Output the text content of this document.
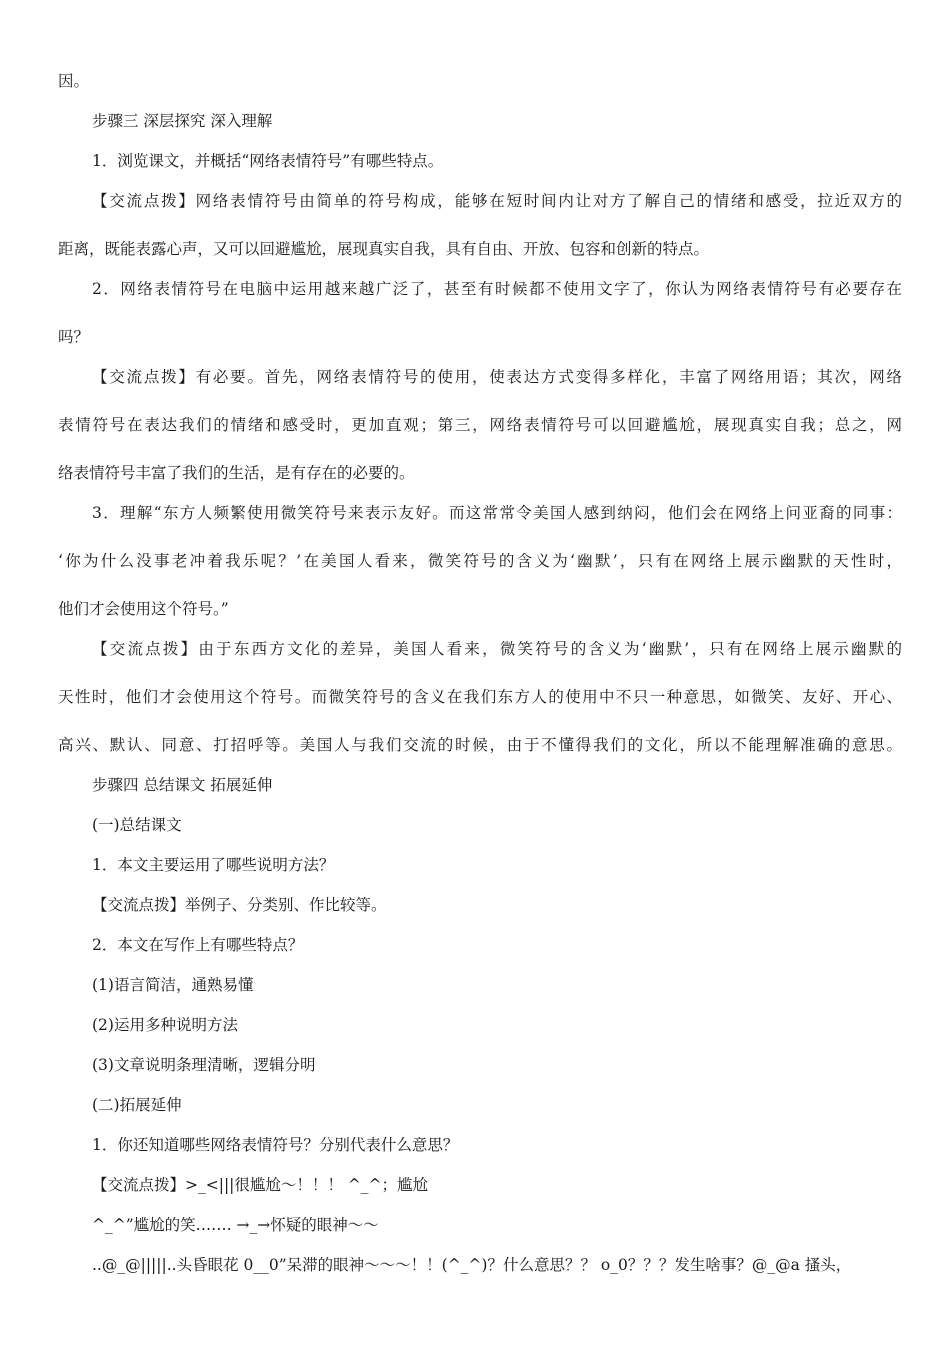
因。
步骤三 深层探究 深入理解
1．浏览课文，并概括“网络表情符号”有哪些特点。
【交流点拨】网络表情符号由简单的符号构成，能够在短时间内让对方了解自己的情绪和感受，拉近双方的
距离，既能表露心声，又可以回避尴尬，展现真实自我，具有自由、开放、包容和创新的特点。
2．网络表情符号在电脑中运用越来越广泛了，甚至有时候都不使用文字了，你认为网络表情符号有必要存在
吗？
【交流点拨】有必要。首先，网络表情符号的使用，使表达方式变得多样化，丰富了网络用语；其次，网络
表情符号在表达我们的情绪和感受时，更加直观；第三，网络表情符号可以回避尴尬，展现真实自我；总之，网
络表情符号丰富了我们的生活，是有存在的必要的。
3．理解“东方人频繁使用微笑符号来表示友好。而这常常令美国人感到纳闷，他们会在网络上问亚裔的同事：
‘你为什么没事老冲着我乐呢？’在美国人看来，微笑符号的含义为‘幽默’，只有在网络上展示幽默的天性时，
他们才会使用这个符号。”
【交流点拨】由于东西方文化的差异，美国人看来，微笑符号的含义为‘幽默’，只有在网络上展示幽默的
天性时，他们才会使用这个符号。而微笑符号的含义在我们东方人的使用中不只一种意思，如微笑、友好、开心、
高兴、默认、同意、打招呼等。美国人与我们交流的时候，由于不懂得我们的文化，所以不能理解准确的意思。
步骤四 总结课文 拓展延伸
(一)总结课文
1．本文主要运用了哪些说明方法？
【交流点拨】举例子、分类别、作比较等。
2．本文在写作上有哪些特点？
(1)语言简洁，通熟易懂
(2)运用多种说明方法
(3)文章说明条理清晰，逻辑分明
(二)拓展延伸
1．你还知道哪些网络表情符号？分别代表什么意思？
【交流点拨】>_<|||很尴尬～！！！ ^_^；尴尬
^_^”尴尬的笑……. →_→怀疑的眼神～～
..@_@|||||..头昏眼花 0__0”呆滞的眼神～～～！！(^_^)？什么意思？？ o_0？？？发生啥事？@_@a 搔头，
